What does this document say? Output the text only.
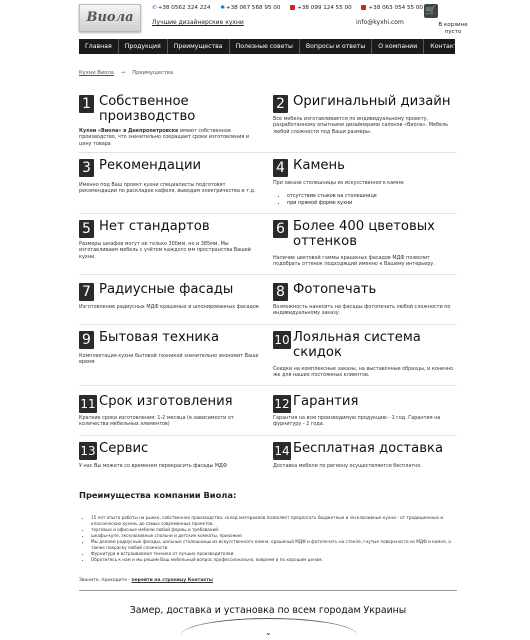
Виола
✆+38 0562 324 224 ✱+38 067 568 95 00	+38 099 124 55 00	+38 063 054 55 00
Лучшие дизайнерские кухни	info@kyxhi.com
🛒
В корзине
пусто
Главная	Продукция	Преимущества	Полезные советы	Вопросы и ответы	О компании	Контакты
Кухни Виола → Преимущества
1 Собственное производство
Кухни «Виола» в Днепропетровске имеют собственное производство, что значительно сокращает сроки изготовления и цену товара
2 Оригинальный дизайн
Все мебель изготавливается по индивидуальному проекту, разработанному опытными дизайнерами салонов «Виола». Мебель любой сложности под Ваши размеры.
3 Рекомендации
Именно под Ваш проект кухни специалисты подготовят рекомендации по раскладке кафеля, выводам электричества и т.д.
4 Камень
При заказе столешницы из искусственного камня:
• отсутствие стыков на столешнице
• при прямой форме кухни
5 Нет стандартов
Размеры шкафов могут не только 300мм, но и 385мм. Мы изготавливаем мебель с учётом каждого мм пространства Вашей кухни.
6 Более 400 цветовых оттенков
Наличие цветовой гаммы крашеных фасадов МДФ позволит подобрать оттенок подходящий именно к Вашему интерьеру.
7 Радиусные фасады
Изготовление радиусных МДФ крашеных и шпонированных фасадов
8 Фотопечать
Возможность нанесить на фасады фотопечать любой сложности по индивидуальному заказу.
9 Бытовая техника
Комплектация кухни бытовой техникой значительно экономит Ваше время
10 Лояльная система скидок
Скидки на комплексные заказы, на выставочные образцы, и конечно же для наших постоянных клиентов.
11 Срок изготовления
Краткие сроки изготовления: 1-2 месяца (в зависимости от количества мебельных элементов)
12 Гарантия
Гарантия на всю производимую продукцию - 1 год. Гарантия на фурнитуру - 2 года.
13 Сервис
У нас Вы можете со временем перекрасить фасады МДФ
14 Бесплатная доставка
Доставка мебели по региону осуществляется бесплатно.
Преимущества компании Виола:
• 15 лет опыта работы на рынке, собственное производство, склад материалов позволяет предлагать бюджетные и эксклюзивные кухни - от традиционных и классических кухонь до самых современных проектов.
• торговые и офисные мебели любой формы и требований.
• шкафы-купе, эксклюзивные спальни и детские комнаты, прихожие.
• Мы делаем радиусные фасады, цельные столешницы из искусственного камня, крашеный МДФ и фотопечать на стекле, гнутые поверхности из МДФ и камня, а также покраску любой сложности.
• Фурнитура и встраиваемая техника от лучших производителей.
• Обратитесь к нам и мы решим Ваш мебельный вопрос профессионально, вовремя и по хорошим ценам.
Звоните, приходите - перейти на страницу Контакты
Замер, доставка и установка по всем городам Украины
⌄
